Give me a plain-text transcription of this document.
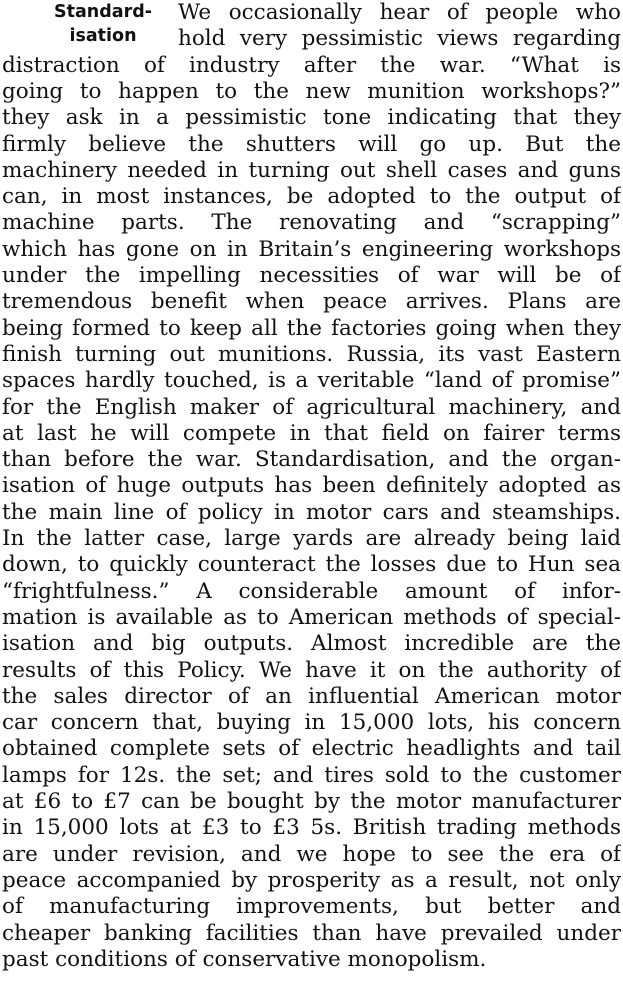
Standard-
isation
We occasionally hear of people who
hold very pessimistic views regarding
distraction of industry after the war. “What is
going to happen to the new munition workshops?”
they ask in a pessimistic tone indicating that they
firmly believe the shutters will go up. But the
machinery needed in turning out shell cases and guns
can, in most instances, be adopted to the output of
machine parts. The renovating and “scrapping”
which has gone on in Britain’s engineering workshops
under the impelling necessities of war will be of
tremendous benefit when peace arrives. Plans are
being formed to keep all the factories going when they
finish turning out munitions. Russia, its vast Eastern
spaces hardly touched, is a veritable “land of promise”
for the English maker of agricultural machinery, and
at last he will compete in that field on fairer terms
than before the war. Standardisation, and the organ-
isation of huge outputs has been definitely adopted as
the main line of policy in motor cars and steamships.
In the latter case, large yards are already being laid
down, to quickly counteract the losses due to Hun sea
“frightfulness.” A considerable amount of infor-
mation is available as to American methods of special-
isation and big outputs. Almost incredible are the
results of this Policy. We have it on the authority of
the sales director of an influential American motor
car concern that, buying in 15,000 lots, his concern
obtained complete sets of electric headlights and tail
lamps for 12s. the set; and tires sold to the customer
at £6 to £7 can be bought by the motor manufacturer
in 15,000 lots at £3 to £3 5s. British trading methods
are under revision, and we hope to see the era of
peace accompanied by prosperity as a result, not only
of manufacturing improvements, but better and
cheaper banking facilities than have prevailed under
past conditions of conservative monopolism.
